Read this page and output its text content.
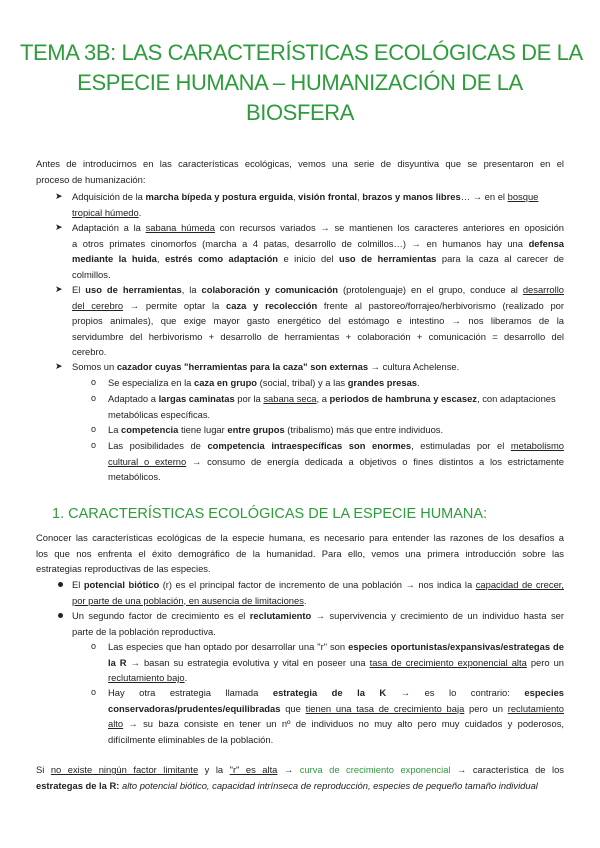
TEMA 3B: LAS CARACTERÍSTICAS ECOLÓGICAS DE LA
ESPECIE HUMANA – HUMANIZACIÓN DE LA
BIOSFERA
Antes de introducirnos en las características ecológicas, vemos una serie de disyuntiva que se presentaron en el
proceso de humanización:
➤ Adquisición de la marcha bípeda y postura erguida, visión frontal, brazos y manos libres… → en el bosque
tropical húmedo.
➤ Adaptación a la sabana húmeda con recursos variados → se mantienen los caracteres anteriores en oposición
a otros primates cinomorfos (marcha a 4 patas, desarrollo de colmillos…) → en humanos hay una defensa
mediante la huida, estrés como adaptación e inicio del uso de herramientas para la caza al carecer de
colmillos.
➤ El uso de herramientas, la colaboración y comunicación (protolenguaje) en el grupo, conduce al desarrollo
del cerebro → permite optar la caza y recolección frente al pastoreo/forrajeo/herbivorismo (realizado por
propios animales), que exige mayor gasto energético del estómago e intestino → nos liberamos de la
servidumbre del herbivorismo + desarrollo de herramientas + colaboración + comunicación = desarrollo del
cerebro.
➤ Somos un cazador cuyas "herramientas para la caza" son externas → cultura Achelense.
o Se especializa en la caza en grupo (social, tribal) y a las grandes presas.
o Adaptado a largas caminatas por la sabana seca, a periodos de hambruna y escasez, con adaptaciones
metabólicas específicas.
o La competencia tiene lugar entre grupos (tribalismo) más que entre individuos.
o Las posibilidades de competencia intraespecíficas son enormes, estimuladas por el metabolismo
cultural o externo → consumo de energía dedicada a objetivos o fines distintos a los estrictamente
metabólicos.
1. CARACTERÍSTICAS ECOLÓGICAS DE LA ESPECIE HUMANA:
Conocer las características ecológicas de la especie humana, es necesario para entender las razones de los desafíos a
los que nos enfrenta el éxito demográfico de la humanidad. Para ello, vemos una primera introducción sobre las
estrategias reproductivas de las especies.
El potencial biótico (r) es el principal factor de incremento de una población → nos indica la capacidad de crecer,
por parte de una población, en ausencia de limitaciones.
Un segundo factor de crecimiento es el reclutamiento → supervivencia y crecimiento de un individuo hasta ser
parte de la población reproductiva.
o Las especies que han optado por desarrollar una "r" son especies oportunistas/expansivas/estrategas de
la R → basan su estrategia evolutiva y vital en poseer una tasa de crecimiento exponencial alta pero un
reclutamiento bajo.
o Hay otra estrategia llamada estrategia de la K → es lo contrario: especies
conservadoras/prudentes/equilibradas que tienen una tasa de crecimiento baja pero un reclutamiento
alto → su baza consiste en tener un nº de individuos no muy alto pero muy cuidados y poderosos,
difícilmente eliminables de la población.
Si no existe ningún factor limitante y la "r" es alta → curva de crecimiento exponencial → característica de los
estrategas de la R: alto potencial biótico, capacidad intrínseca de reproducción, especies de pequeño tamaño individual
